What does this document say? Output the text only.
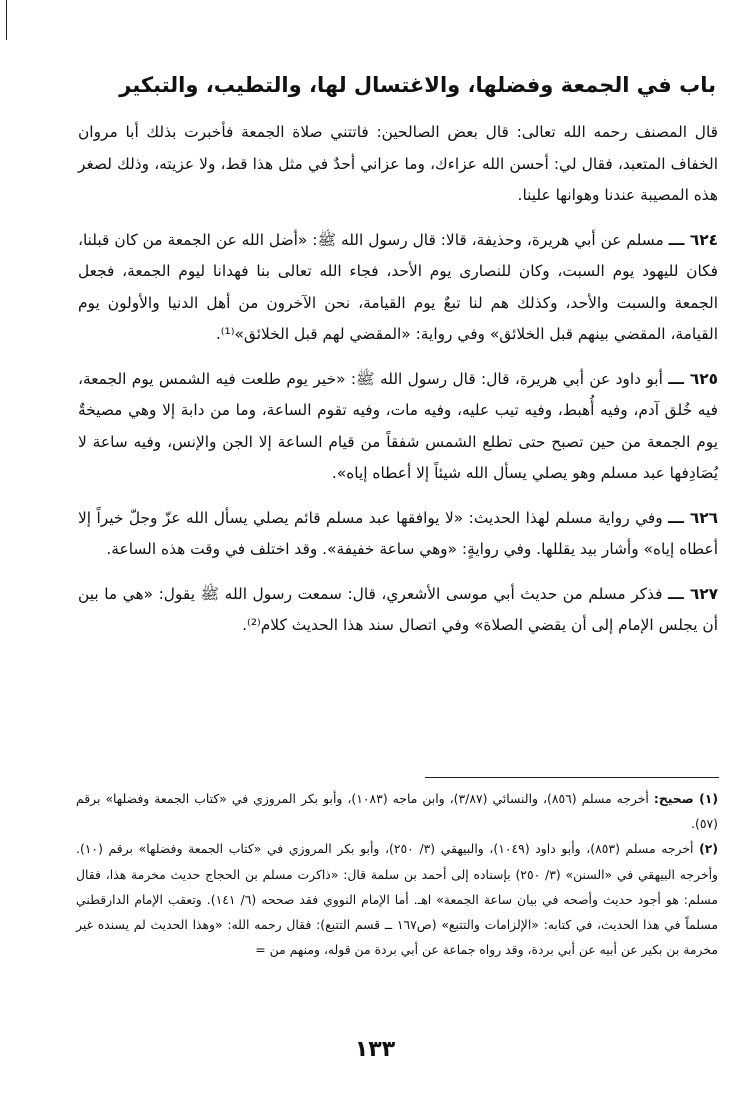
باب في الجمعة وفضلها، والاغتسال لها، والتطيب، والتبكير

قال المصنف رحمه الله تعالى: قال بعض الصالحين: فاتتني صلاة الجمعة فأخبرت بذلك أبا مروان الخفاف المتعبد، فقال لي: أحسن الله عزاءك، وما عزاني أحدٌ في مثل هذا قط، ولا عزيته، وذلك لصغر هذه المصيبة عندنا وهوانها علينا.

٦٢٤ ـــ مسلم عن أبي هريرة، وحذيفة، قالا: قال رسول الله ﷺ: «أضل الله عن الجمعة من كان قبلنا، فكان لليهود يوم السبت، وكان للنصارى يوم الأحد، فجاء الله تعالى بنا فهدانا ليوم الجمعة، فجعل الجمعة والسبت والأحد، وكذلك هم لنا تبعٌ يوم القيامة، نحن الآخرون من أهل الدنيا والأولون يوم القيامة، المقضي بينهم قبل الخلائق» وفي رواية: «المقضي لهم قبل الخلائق»⁽¹⁾.

٦٢٥ ـــ أبو داود عن أبي هريرة، قال: قال رسول الله ﷺ: «خير يوم طلعت فيه الشمس يوم الجمعة، فيه خُلق آدم، وفيه أُهبط، وفيه تيب عليه، وفيه مات، وفيه تقوم الساعة، وما من دابة إلا وهي مصيخةٌ يوم الجمعة من حين تصبح حتى تطلع الشمس شفقاً من قيام الساعة إلا الجن والإنس، وفيه ساعة لا يُصَادِفها عبد مسلم وهو يصلي يسأل الله شيئاً إلا أعطاه إياه».

٦٢٦ ـــ وفي رواية مسلم لهذا الحديث: «لا يوافقها عبد مسلم قائم يصلي يسأل الله عزّ وجلّ خيراً إلا أعطاه إياه» وأشار بيد يقللها. وفي روايةٍ: «وهي ساعة خفيفة». وقد اختلف في وقت هذه الساعة.

٦٢٧ ـــ فذكر مسلم من حديث أبي موسى الأشعري، قال: سمعت رسول الله ﷺ يقول: «هي ما بين أن يجلس الإمام إلى أن يقضي الصلاة» وفي اتصال سند هذا الحديث كلام⁽²⁾.

(١) صحيح: أخرجه مسلم (٨٥٦)، والنسائي (٣/٨٧)، وابن ماجه (١٠٨٣)، وأبو بكر المروزي في «كتاب الجمعة وفضلها» برقم (٥٧).

(٢) أخرجه مسلم (٨٥٣)، وأبو داود (١٠٤٩)، والبيهقي (٣/ ٢٥٠)، وأبو بكر المروزي في «كتاب الجمعة وفضلها» برقم (١٠). وأخرجه البيهقي في «السنن» (٣/ ٢٥٠) بإسناده إلى أحمد بن سلمة قال: «ذاكرت مسلم بن الحجاج حديث مخرمة هذا، فقال مسلم: هو أجود حديث وأصحه في بيان ساعة الجمعة» اهـ. أما الإمام النووي فقد صححه (٦/ ١٤١). وتعقب الإمام الدارقطني مسلماً في هذا الحديث، في كتابه: «الإلزامات والتتبع» (ص١٦٧ ــ قسم التتبع): فقال رحمه الله: «وهذا الحديث لم يسنده غير مخرمة بن بكير عن أبيه عن أبي بردة، وقد رواه جماعة عن أبي بردة من قوله، ومنهم من =

١٣٣
